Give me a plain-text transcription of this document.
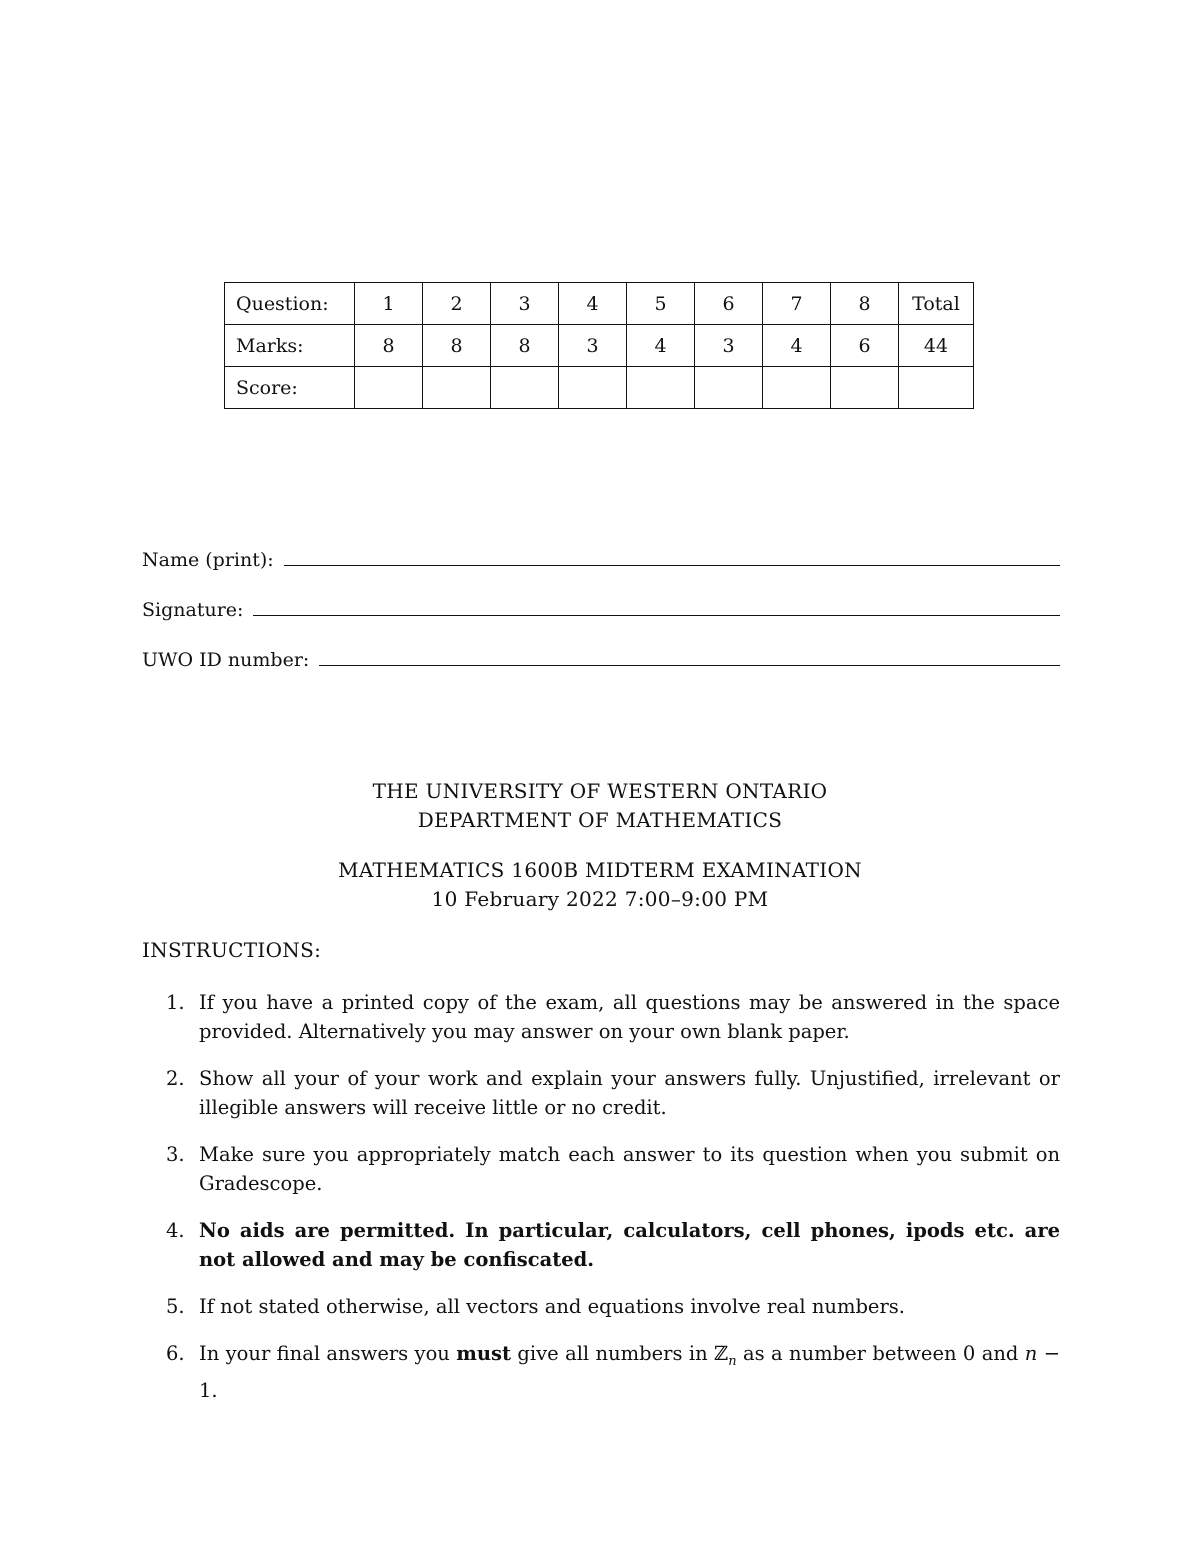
Question:	1	2	3	4	5	6	7	8	Total
Marks:	8	8	8	3	4	3	4	6	44
Score:									
Name (print):
Signature:
UWO ID number:
THE UNIVERSITY OF WESTERN ONTARIO
DEPARTMENT OF MATHEMATICS
MATHEMATICS 1600B MIDTERM EXAMINATION
10 February 2022 7:00–9:00 PM
INSTRUCTIONS:
1. If you have a printed copy of the exam, all questions may be answered in the space provided. Alternatively you may answer on your own blank paper.
2. Show all your of your work and explain your answers fully. Unjustified, irrelevant or illegible answers will receive little or no credit.
3. Make sure you appropriately match each answer to its question when you submit on Gradescope.
4. No aids are permitted. In particular, calculators, cell phones, ipods etc. are not allowed and may be confiscated.
5. If not stated otherwise, all vectors and equations involve real numbers.
6. In your final answers you must give all numbers in ℤ$_n$ as a number between 0 and n − 1.
